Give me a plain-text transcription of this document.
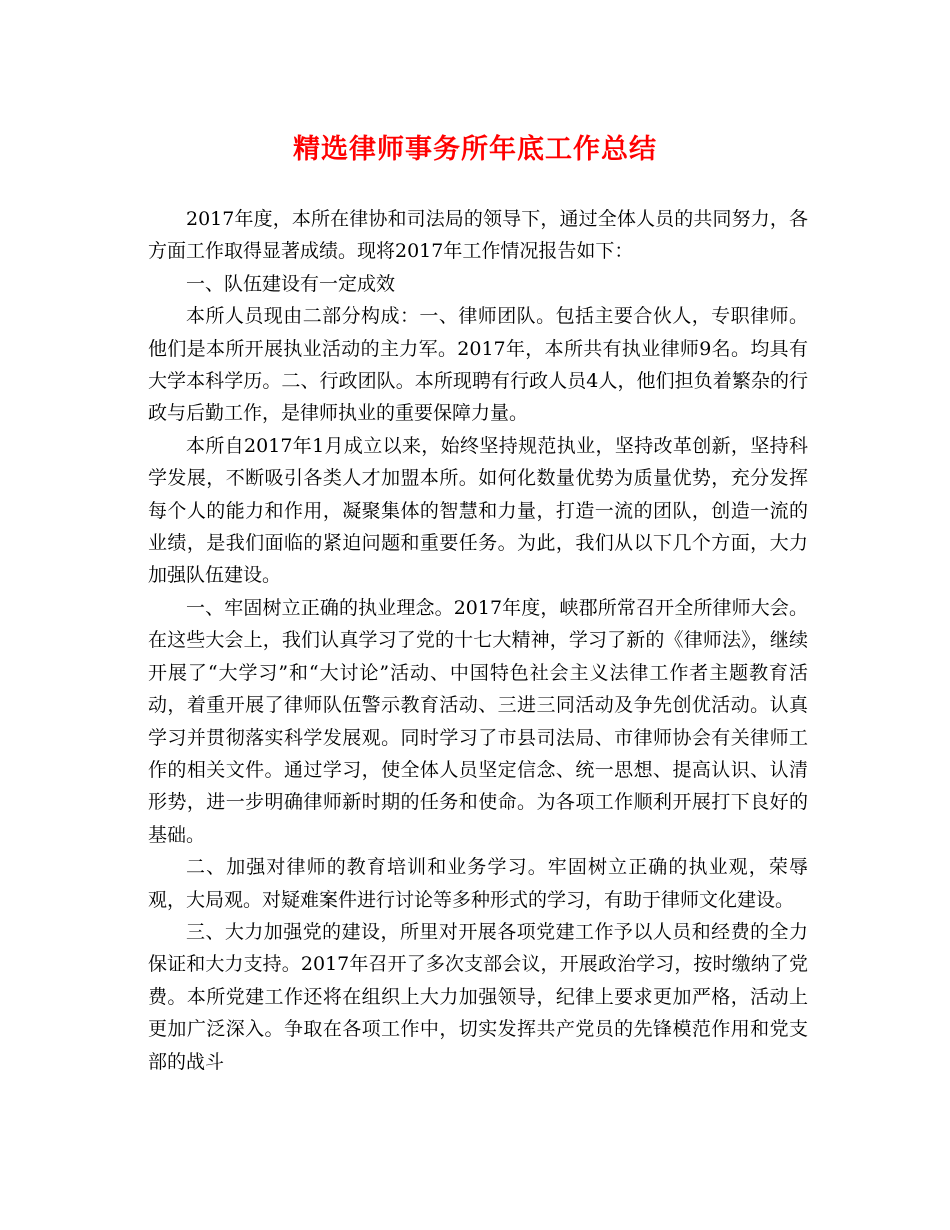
精选律师事务所年底工作总结

2017年度，本所在律协和司法局的领导下，通过全体人员的共同努力，各方面工作取得显著成绩。现将2017年工作情况报告如下：

一、队伍建设有一定成效

本所人员现由二部分构成：一、律师团队。包括主要合伙人，专职律师。他们是本所开展执业活动的主力军。2017年，本所共有执业律师9名。均具有大学本科学历。二、行政团队。本所现聘有行政人员4人，他们担负着繁杂的行政与后勤工作，是律师执业的重要保障力量。

本所自2017年1月成立以来，始终坚持规范执业，坚持改革创新，坚持科学发展，不断吸引各类人才加盟本所。如何化数量优势为质量优势，充分发挥每个人的能力和作用，凝聚集体的智慧和力量，打造一流的团队，创造一流的业绩，是我们面临的紧迫问题和重要任务。为此，我们从以下几个方面，大力加强队伍建设。

一、牢固树立正确的执业理念。2017年度，峡郡所常召开全所律师大会。在这些大会上，我们认真学习了党的十七大精神，学习了新的《律师法》，继续开展了“大学习”和“大讨论”活动、中国特色社会主义法律工作者主题教育活动，着重开展了律师队伍警示教育活动、三进三同活动及争先创优活动。认真学习并贯彻落实科学发展观。同时学习了市县司法局、市律师协会有关律师工作的相关文件。通过学习，使全体人员坚定信念、统一思想、提高认识、认清形势，进一步明确律师新时期的任务和使命。为各项工作顺利开展打下良好的基础。

二、加强对律师的教育培训和业务学习。牢固树立正确的执业观，荣辱观，大局观。对疑难案件进行讨论等多种形式的学习，有助于律师文化建设。

三、大力加强党的建设，所里对开展各项党建工作予以人员和经费的全力保证和大力支持。2017年召开了多次支部会议，开展政治学习，按时缴纳了党费。本所党建工作还将在组织上大力加强领导，纪律上要求更加严格，活动上更加广泛深入。争取在各项工作中，切实发挥共产党员的先锋模范作用和党支部的战斗
